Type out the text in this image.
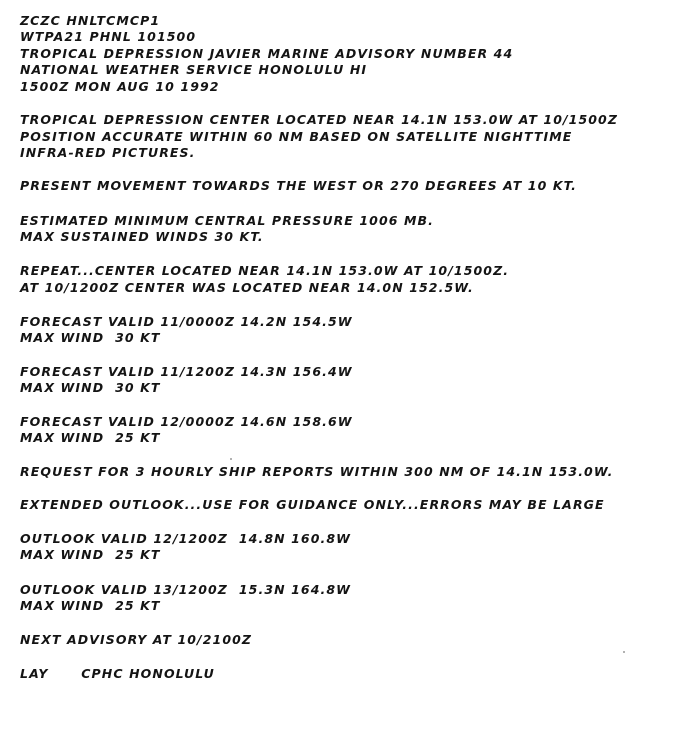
ZCZC HNLTCMCP1

WTPA21 PHNL 101500

TROPICAL DEPRESSION JAVIER MARINE ADVISORY NUMBER 44

NATIONAL WEATHER SERVICE HONOLULU HI

1500Z MON AUG 10 1992

TROPICAL DEPRESSION CENTER LOCATED NEAR 14.1N 153.0W AT 10/1500Z

POSITION ACCURATE WITHIN 60 NM BASED ON SATELLITE NIGHTTIME

INFRA-RED PICTURES.

PRESENT MOVEMENT TOWARDS THE WEST OR 270 DEGREES AT 10 KT.

ESTIMATED MINIMUM CENTRAL PRESSURE 1006 MB.

MAX SUSTAINED WINDS 30 KT.

REPEAT...CENTER LOCATED NEAR 14.1N 153.0W AT 10/1500Z.

AT 10/1200Z CENTER WAS LOCATED NEAR 14.0N 152.5W.

FORECAST VALID 11/0000Z 14.2N 154.5W

MAX WIND  30 KT

FORECAST VALID 11/1200Z 14.3N 156.4W

MAX WIND  30 KT

FORECAST VALID 12/0000Z 14.6N 158.6W

MAX WIND  25 KT

REQUEST FOR 3 HOURLY SHIP REPORTS WITHIN 300 NM OF 14.1N 153.0W.

EXTENDED OUTLOOK...USE FOR GUIDANCE ONLY...ERRORS MAY BE LARGE

OUTLOOK VALID 12/1200Z  14.8N 160.8W

MAX WIND  25 KT

OUTLOOK VALID 13/1200Z  15.3N 164.8W

MAX WIND  25 KT

NEXT ADVISORY AT 10/2100Z

LAY      CPHC HONOLULU
